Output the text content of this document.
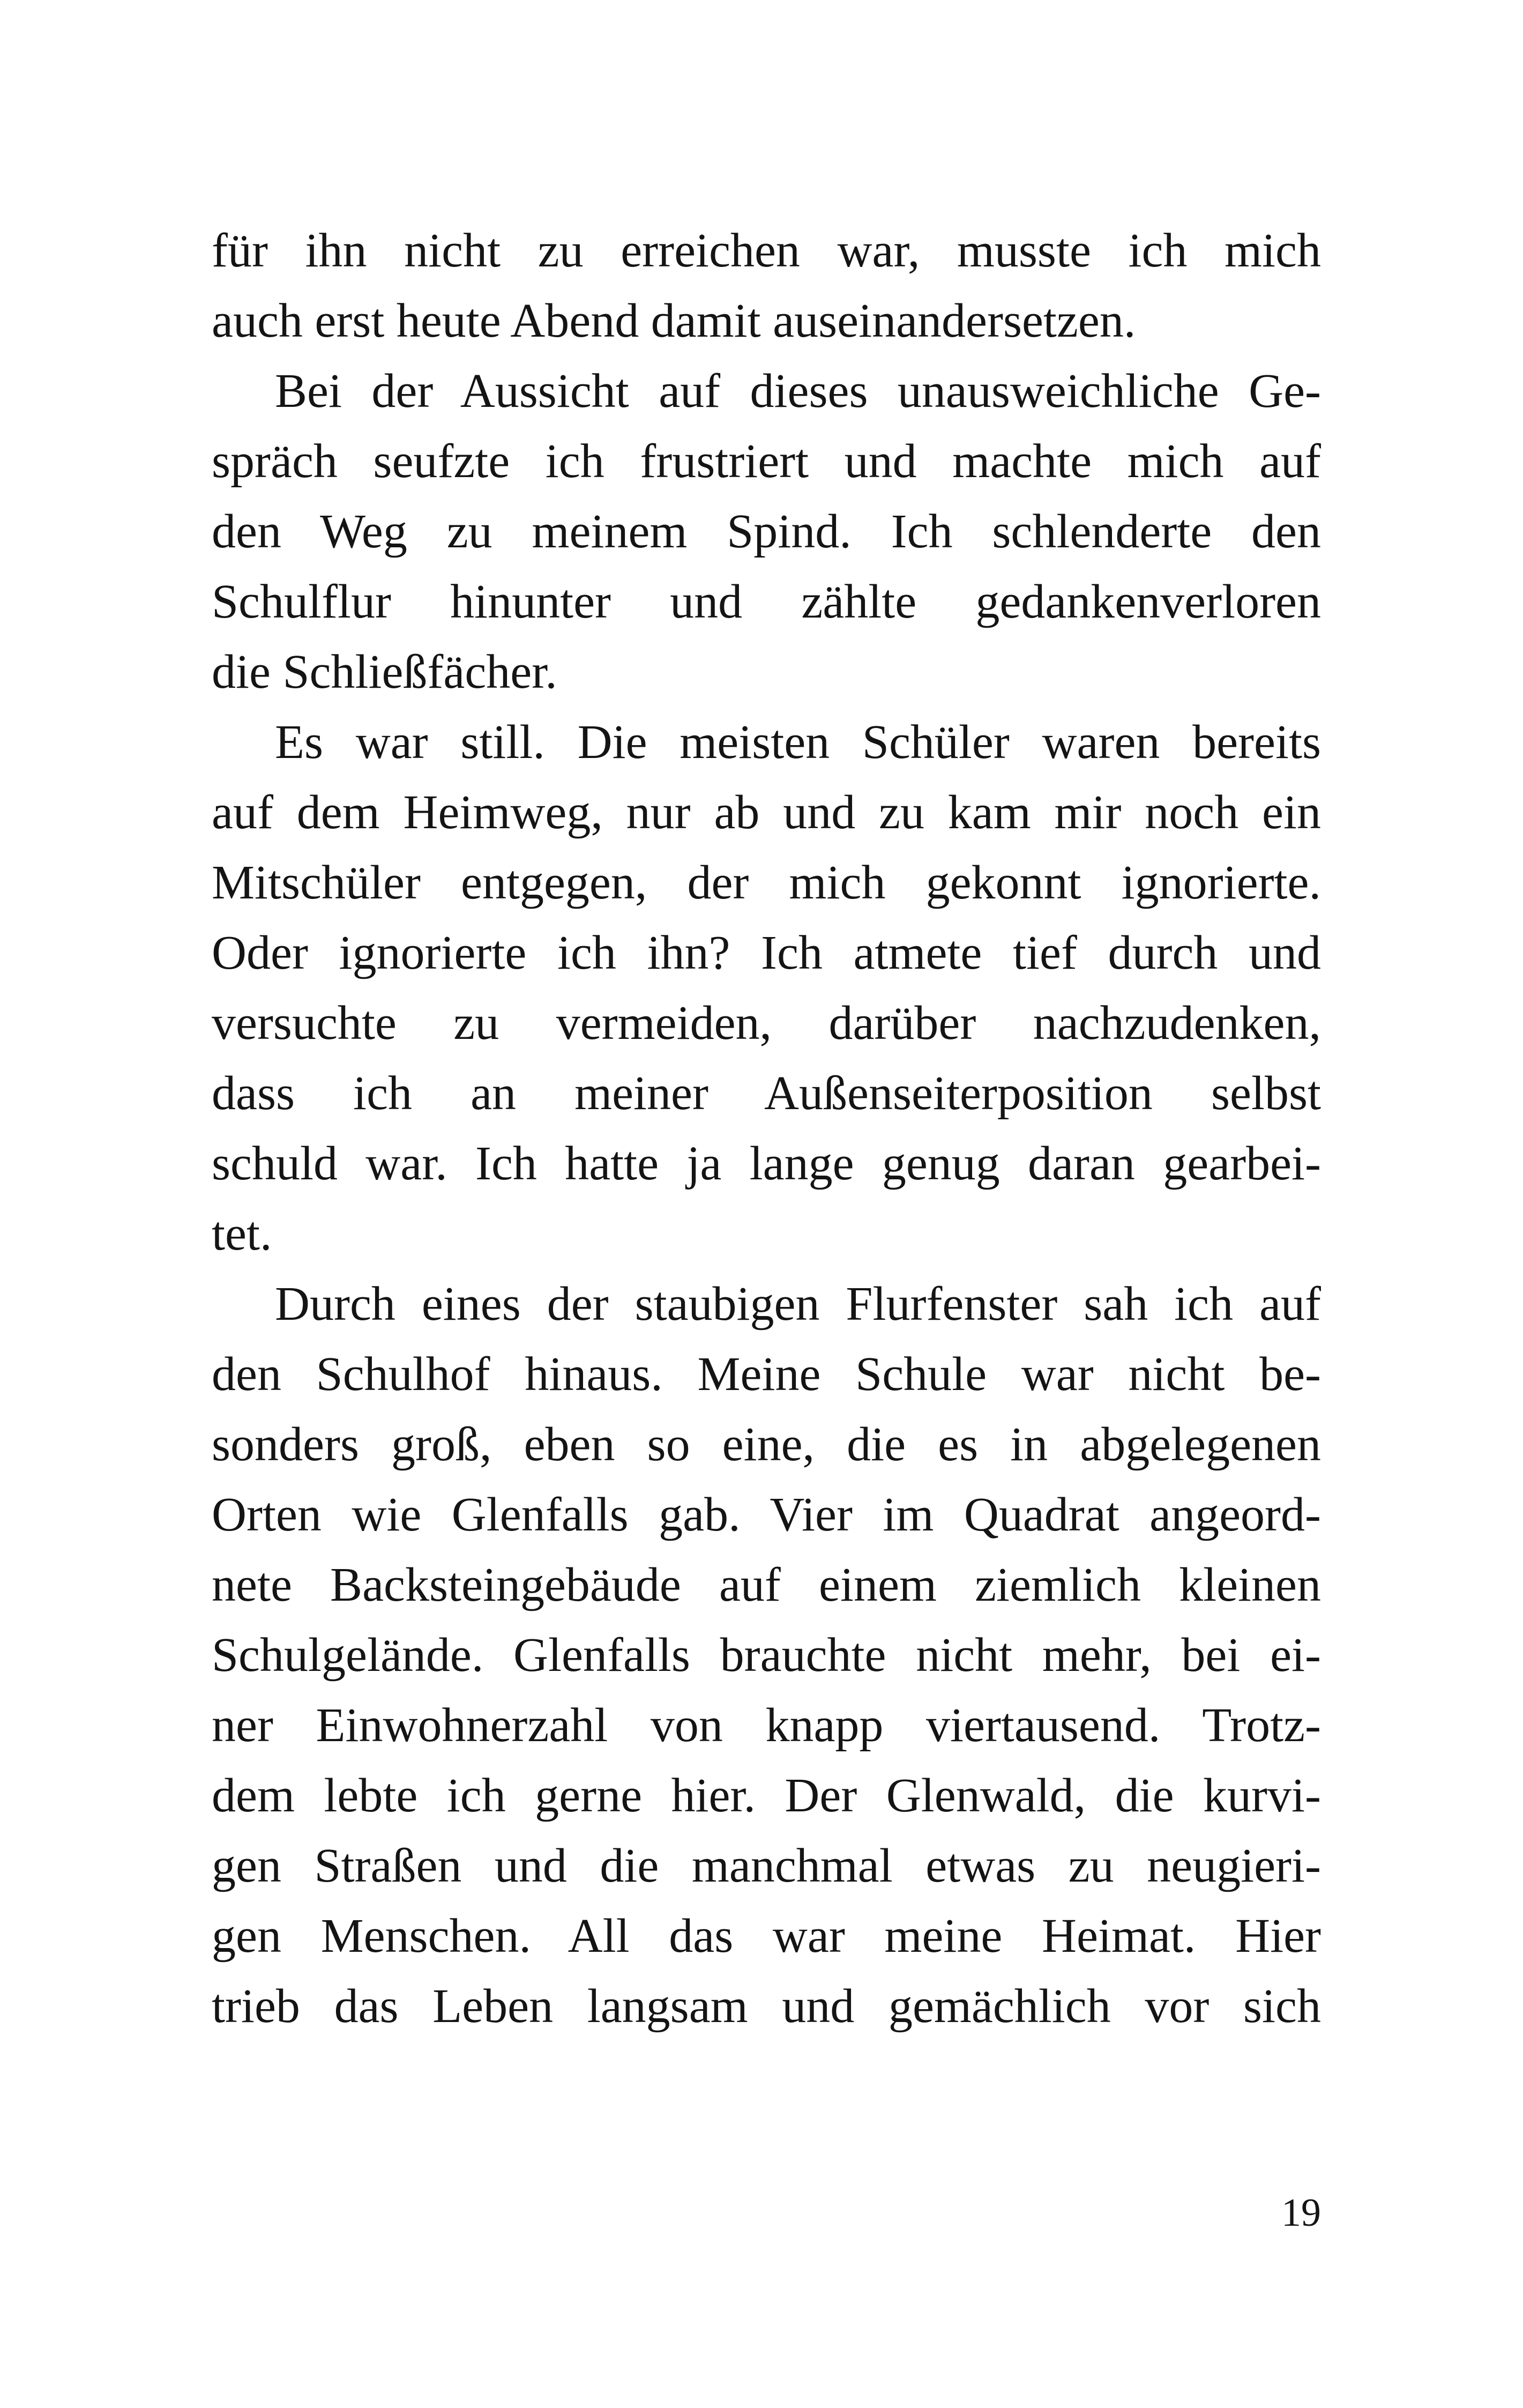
für ihn nicht zu erreichen war, musste ich mich
auch erst heute Abend damit auseinandersetzen.
Bei der Aussicht auf dieses unausweichliche Ge-
spräch seufzte ich frustriert und machte mich auf
den Weg zu meinem Spind. Ich schlenderte den
Schulflur hinunter und zählte gedankenverloren
die Schließfächer.
Es war still. Die meisten Schüler waren bereits
auf dem Heimweg, nur ab und zu kam mir noch ein
Mitschüler entgegen, der mich gekonnt ignorierte.
Oder ignorierte ich ihn? Ich atmete tief durch und
versuchte zu vermeiden, darüber nachzudenken,
dass ich an meiner Außenseiterposition selbst
schuld war. Ich hatte ja lange genug daran gearbei-
tet.
Durch eines der staubigen Flurfenster sah ich auf
den Schulhof hinaus. Meine Schule war nicht be-
sonders groß, eben so eine, die es in abgelegenen
Orten wie Glenfalls gab. Vier im Quadrat angeord-
nete Backsteingebäude auf einem ziemlich kleinen
Schulgelände. Glenfalls brauchte nicht mehr, bei ei-
ner Einwohnerzahl von knapp viertausend. Trotz-
dem lebte ich gerne hier. Der Glenwald, die kurvi-
gen Straßen und die manchmal etwas zu neugieri-
gen Menschen. All das war meine Heimat. Hier
trieb das Leben langsam und gemächlich vor sich
19
